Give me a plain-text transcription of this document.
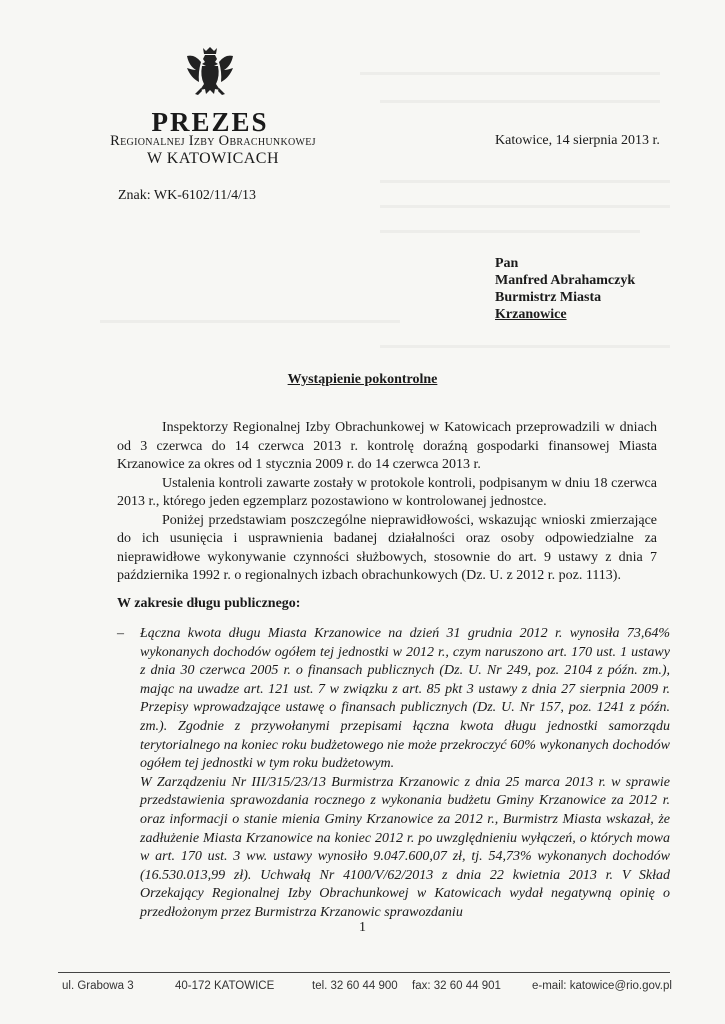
PREZES
Regionalnej Izby Obrachunkowej
W KATOWICACH
Katowice, 14 sierpnia 2013 r.
Znak: WK-6102/11/4/13
Pan
Manfred Abrahamczyk
Burmistrz Miasta
Krzanowice
Wystąpienie pokontrolne

Inspektorzy Regionalnej Izby Obrachunkowej w Katowicach przeprowadzili w dniach od 3 czerwca do 14 czerwca 2013 r. kontrolę doraźną gospodarki finansowej Miasta Krzanowice za okres od 1 stycznia 2009 r. do 14 czerwca 2013 r.

Ustalenia kontroli zawarte zostały w protokole kontroli, podpisanym w dniu 18 czerwca 2013 r., którego jeden egzemplarz pozostawiono w kontrolowanej jednostce.

Poniżej przedstawiam poszczególne nieprawidłowości, wskazując wnioski zmierzające do ich usunięcia i usprawnienia badanej działalności oraz osoby odpowiedzialne za nieprawidłowe wykonywanie czynności służbowych, stosownie do art. 9 ustawy z dnia 7 października 1992 r. o regionalnych izbach obrachunkowych (Dz. U. z 2012 r. poz. 1113).

W zakresie długu publicznego:
– Łączna kwota długu Miasta Krzanowice na dzień 31 grudnia 2012 r. wynosiła 73,64% wykonanych dochodów ogółem tej jednostki w 2012 r., czym naruszono art. 170 ust. 1 ustawy z dnia 30 czerwca 2005 r. o finansach publicznych (Dz. U. Nr 249, poz. 2104 z późn. zm.), mając na uwadze art. 121 ust. 7 w związku z art. 85 pkt 3 ustawy z dnia 27 sierpnia 2009 r. Przepisy wprowadzające ustawę o finansach publicznych (Dz. U. Nr 157, poz. 1241 z późn. zm.). Zgodnie z przywołanymi przepisami łączna kwota długu jednostki samorządu terytorialnego na koniec roku budżetowego nie może przekroczyć 60% wykonanych dochodów ogółem tej jednostki w tym roku budżetowym.
W Zarządzeniu Nr III/315/23/13 Burmistrza Krzanowic z dnia 25 marca 2013 r. w sprawie przedstawienia sprawozdania rocznego z wykonania budżetu Gminy Krzanowice za 2012 r. oraz informacji o stanie mienia Gminy Krzanowice za 2012 r., Burmistrz Miasta wskazał, że zadłużenie Miasta Krzanowice na koniec 2012 r. po uwzględnieniu wyłączeń, o których mowa w art. 170 ust. 3 ww. ustawy wynosiło 9.047.600,07 zł, tj. 54,73% wykonanych dochodów (16.530.013,99 zł). Uchwałą Nr 4100/V/62/2013 z dnia 22 kwietnia 2013 r. V Skład Orzekający Regionalnej Izby Obrachunkowej w Katowicach wydał negatywną opinię o przedłożonym przez Burmistrza Krzanowic sprawozdaniu
1
ul. Grabowa 3	40-172 KATOWICE	tel. 32 60 44 900 fax: 32 60 44 901	e-mail: katowice@rio.gov.pl
